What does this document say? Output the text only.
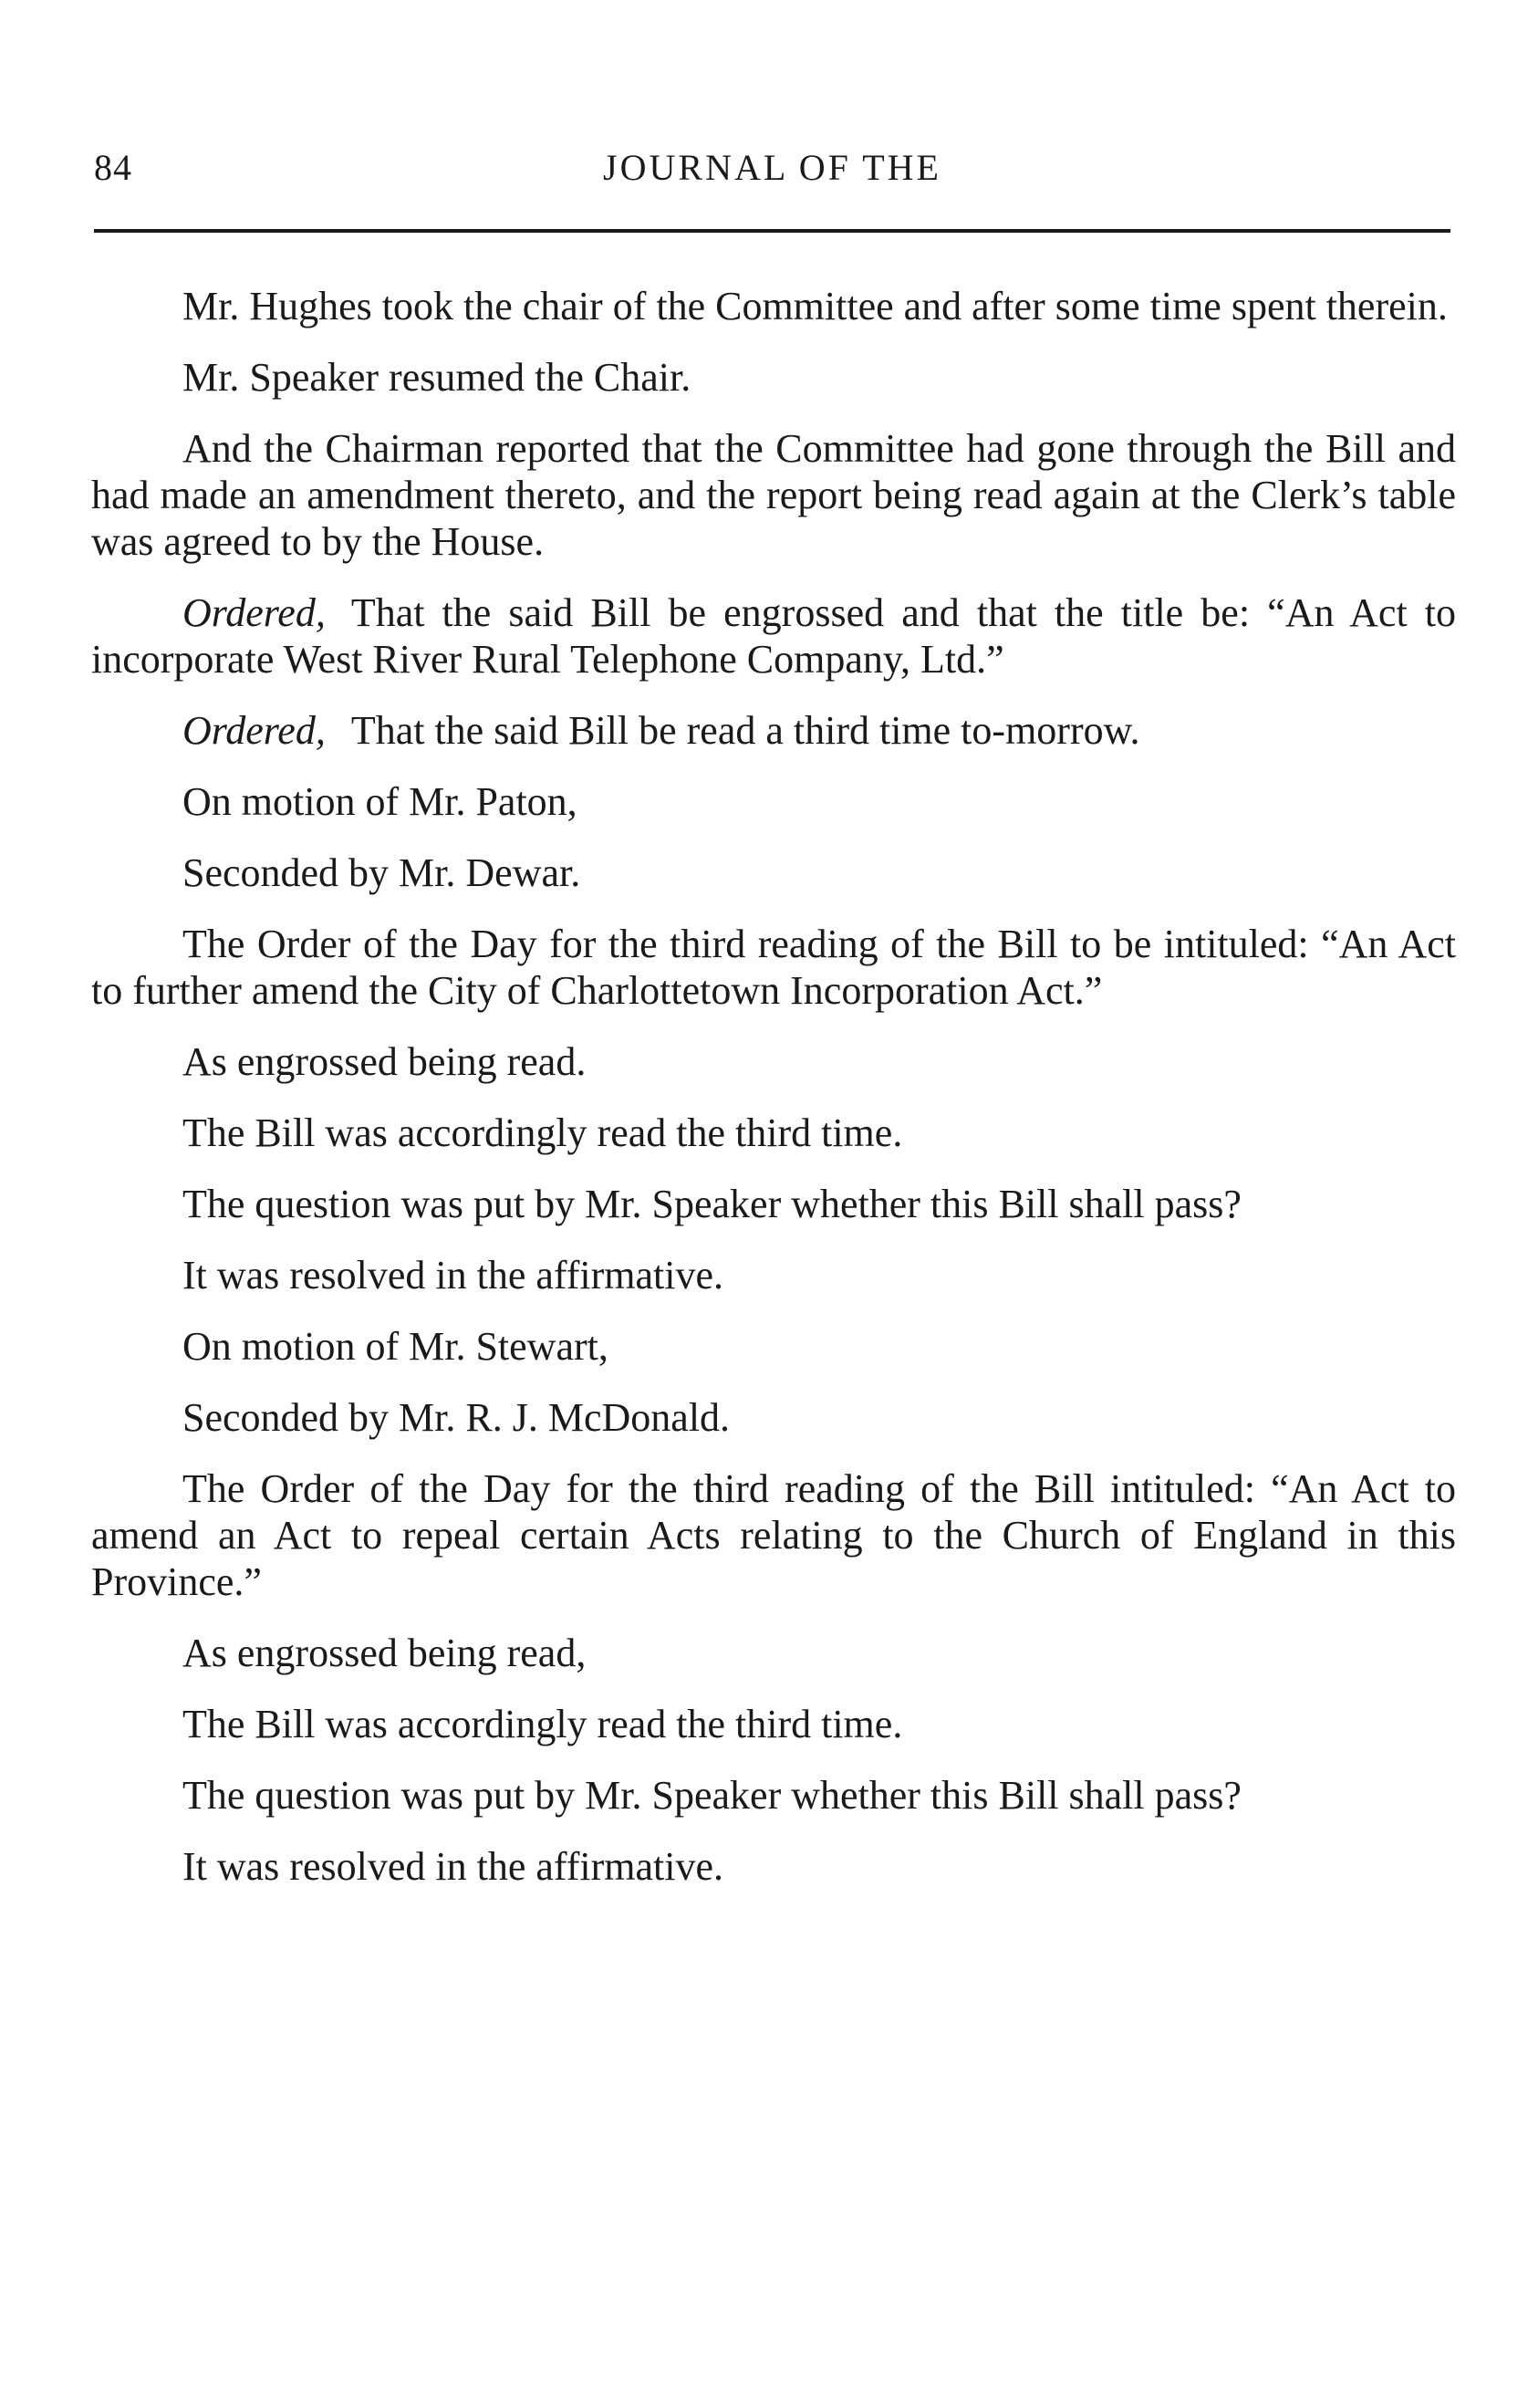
84	JOURNAL OF THE

Mr. Hughes took the chair of the Committee and after some time spent therein.

Mr. Speaker resumed the Chair.

And the Chairman reported that the Committee had gone through the Bill and had made an amendment thereto, and the report being read again at the Clerk’s table was agreed to by the House.

Ordered, That the said Bill be engrossed and that the title be: “An Act to incorporate West River Rural Telephone Company, Ltd.”

Ordered, That the said Bill be read a third time to-morrow.

On motion of Mr. Paton,

Seconded by Mr. Dewar.

The Order of the Day for the third reading of the Bill to be intituled: “An Act to further amend the City of Charlottetown Incorporation Act.”

As engrossed being read.

The Bill was accordingly read the third time.

The question was put by Mr. Speaker whether this Bill shall pass?

It was resolved in the affirmative.

On motion of Mr. Stewart,

Seconded by Mr. R. J. McDonald.

The Order of the Day for the third reading of the Bill intituled: “An Act to amend an Act to repeal certain Acts relating to the Church of England in this Province.”

As engrossed being read,

The Bill was accordingly read the third time.

The question was put by Mr. Speaker whether this Bill shall pass?

It was resolved in the affirmative.
